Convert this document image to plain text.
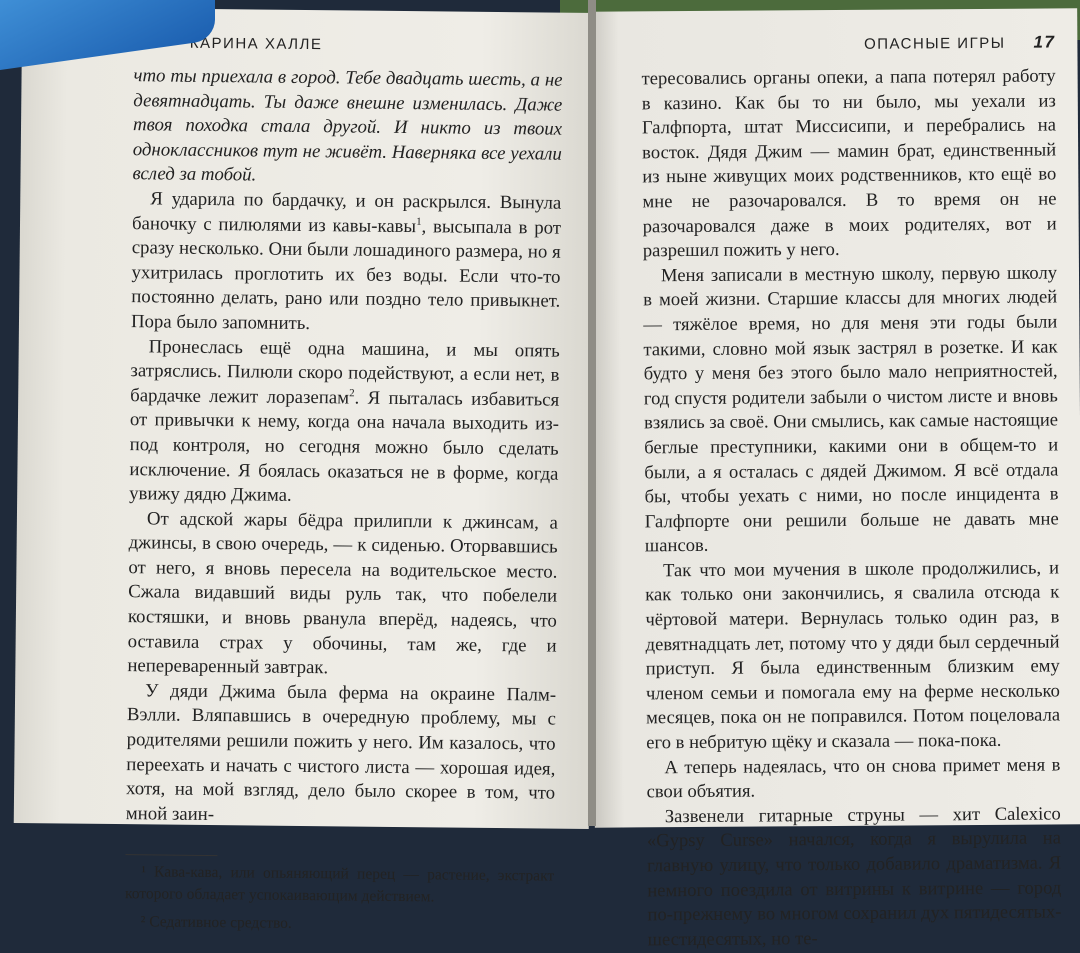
КАРИНА ХАЛЛЕ

что ты приехала в город. Тебе двадцать шесть, а не девятнадцать. Ты даже внешне изменилась. Даже твоя походка стала другой. И никто из твоих одноклассников тут не живёт. Наверняка все уехали вслед за тобой.

Я ударила по бардачку, и он раскрылся. Вынула баночку с пилюлями из кавы-кавы$^1$, высыпала в рот сразу несколько. Они были лошадиного размера, но я ухитрилась проглотить их без воды. Если что-то постоянно делать, рано или поздно тело привыкнет. Пора было запомнить.

Пронеслась ещё одна машина, и мы опять затряслись. Пилюли скоро подействуют, а если нет, в бардачке лежит лоразепам$^2$. Я пыталась избавиться от привычки к нему, когда она начала выходить из-под контроля, но сегодня можно было сделать исключение. Я боялась оказаться не в форме, когда увижу дядю Джима.

От адской жары бёдра прилипли к джинсам, а джинсы, в свою очередь, — к сиденью. Оторвавшись от него, я вновь пересела на водительское место. Сжала видавший виды руль так, что побелели костяшки, и вновь рванула вперёд, надеясь, что оставила страх у обочины, там же, где и непереваренный завтрак.

У дяди Джима была ферма на окраине Палм-Вэлли. Вляпавшись в очередную проблему, мы с родителями решили пожить у него. Им казалось, что переехать и начать с чистого листа — хорошая идея, хотя, на мой взгляд, дело было скорее в том, что мной заин-

¹ Кава-кава, или опьяняющий перец — растение, экстракт которого обладает успокаивающим действием.
² Седативное средство.
ОПАСНЫЕ ИГРЫ 17

тересовались органы опеки, а папа потерял работу в казино. Как бы то ни было, мы уехали из Галфпорта, штат Миссисипи, и перебрались на восток. Дядя Джим — мамин брат, единственный из ныне живущих моих родственников, кто ещё во мне не разочаровался. В то время он не разочаровался даже в моих родителях, вот и разрешил пожить у него.

Меня записали в местную школу, первую школу в моей жизни. Старшие классы для многих людей — тяжёлое время, но для меня эти годы были такими, словно мой язык застрял в розетке. И как будто у меня без этого было мало неприятностей, год спустя родители забыли о чистом листе и вновь взялись за своё. Они смылись, как самые настоящие беглые преступники, какими они в общем-то и были, а я осталась с дядей Джимом. Я всё отдала бы, чтобы уехать с ними, но после инцидента в Галфпорте они решили больше не давать мне шансов.

Так что мои мучения в школе продолжились, и как только они закончились, я свалила отсюда к чёртовой матери. Вернулась только один раз, в девятнадцать лет, потому что у дяди был сердечный приступ. Я была единственным близким ему членом семьи и помогала ему на ферме несколько месяцев, пока он не поправился. Потом поцеловала его в небритую щёку и сказала — пока-пока.

А теперь надеялась, что он снова примет меня в свои объятия.

Зазвенели гитарные струны — хит Calexico «Gypsy Curse» начался, когда я вырулила на главную улицу, что только добавило драматизма. Я немного поездила от витрины к витрине — город по-прежнему во многом сохранил дух пятидесятых-шестидесятых, но те-
